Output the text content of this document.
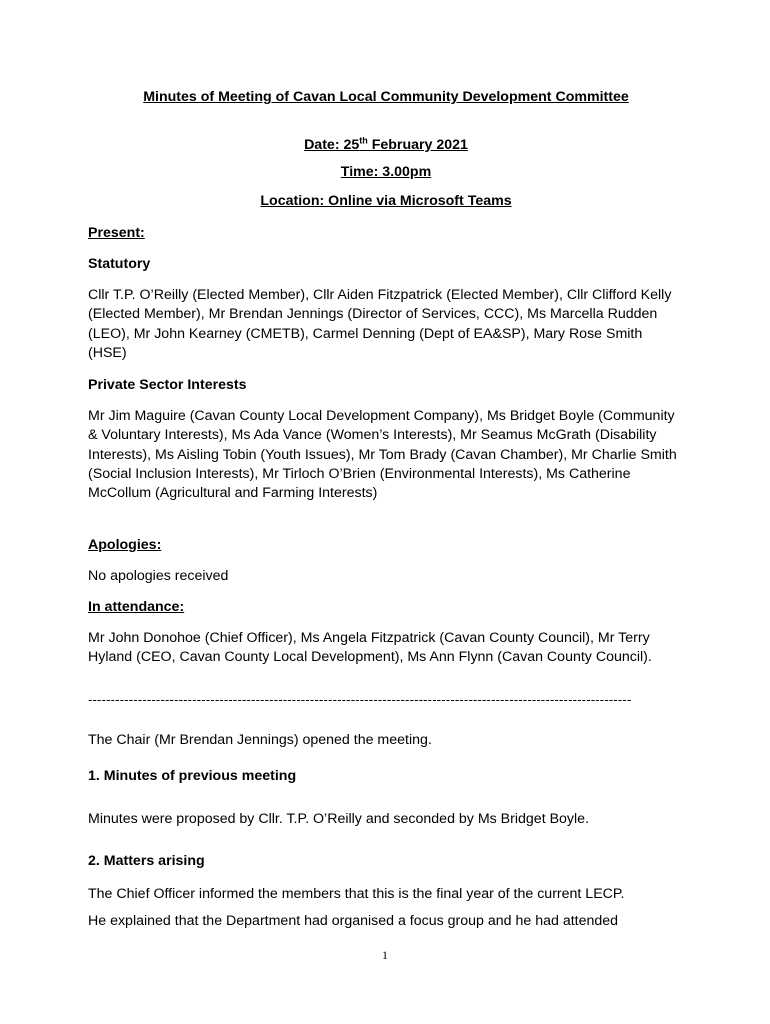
Minutes of Meeting of Cavan Local Community Development Committee
Date: 25th February 2021
Time: 3.00pm
Location: Online via Microsoft Teams
Present:
Statutory
Cllr T.P. O’Reilly (Elected Member), Cllr Aiden Fitzpatrick (Elected Member), Cllr Clifford Kelly (Elected Member), Mr Brendan Jennings (Director of Services, CCC), Ms Marcella Rudden (LEO), Mr John Kearney (CMETB), Carmel Denning (Dept of EA&SP), Mary Rose Smith (HSE)
Private Sector Interests
Mr Jim Maguire (Cavan County Local Development Company), Ms Bridget Boyle (Community & Voluntary Interests), Ms Ada Vance (Women’s Interests), Mr Seamus McGrath (Disability Interests), Ms Aisling Tobin (Youth Issues), Mr Tom Brady (Cavan Chamber), Mr Charlie Smith (Social Inclusion Interests), Mr Tirloch O’Brien (Environmental Interests), Ms Catherine McCollum (Agricultural and Farming Interests)
Apologies:
No apologies received
In attendance:
Mr John Donohoe (Chief Officer), Ms Angela Fitzpatrick (Cavan County Council), Mr Terry Hyland (CEO, Cavan County Local Development), Ms Ann Flynn (Cavan County Council).
------------------------------------------------------------------------------------------------------------------------
The Chair (Mr Brendan Jennings) opened the meeting.
1. Minutes of previous meeting
Minutes were proposed by Cllr. T.P. O’Reilly and seconded by Ms Bridget Boyle.
2. Matters arising
The Chief Officer informed the members that this is the final year of the current LECP.
He explained that the Department had organised a focus group and he had attended
1
